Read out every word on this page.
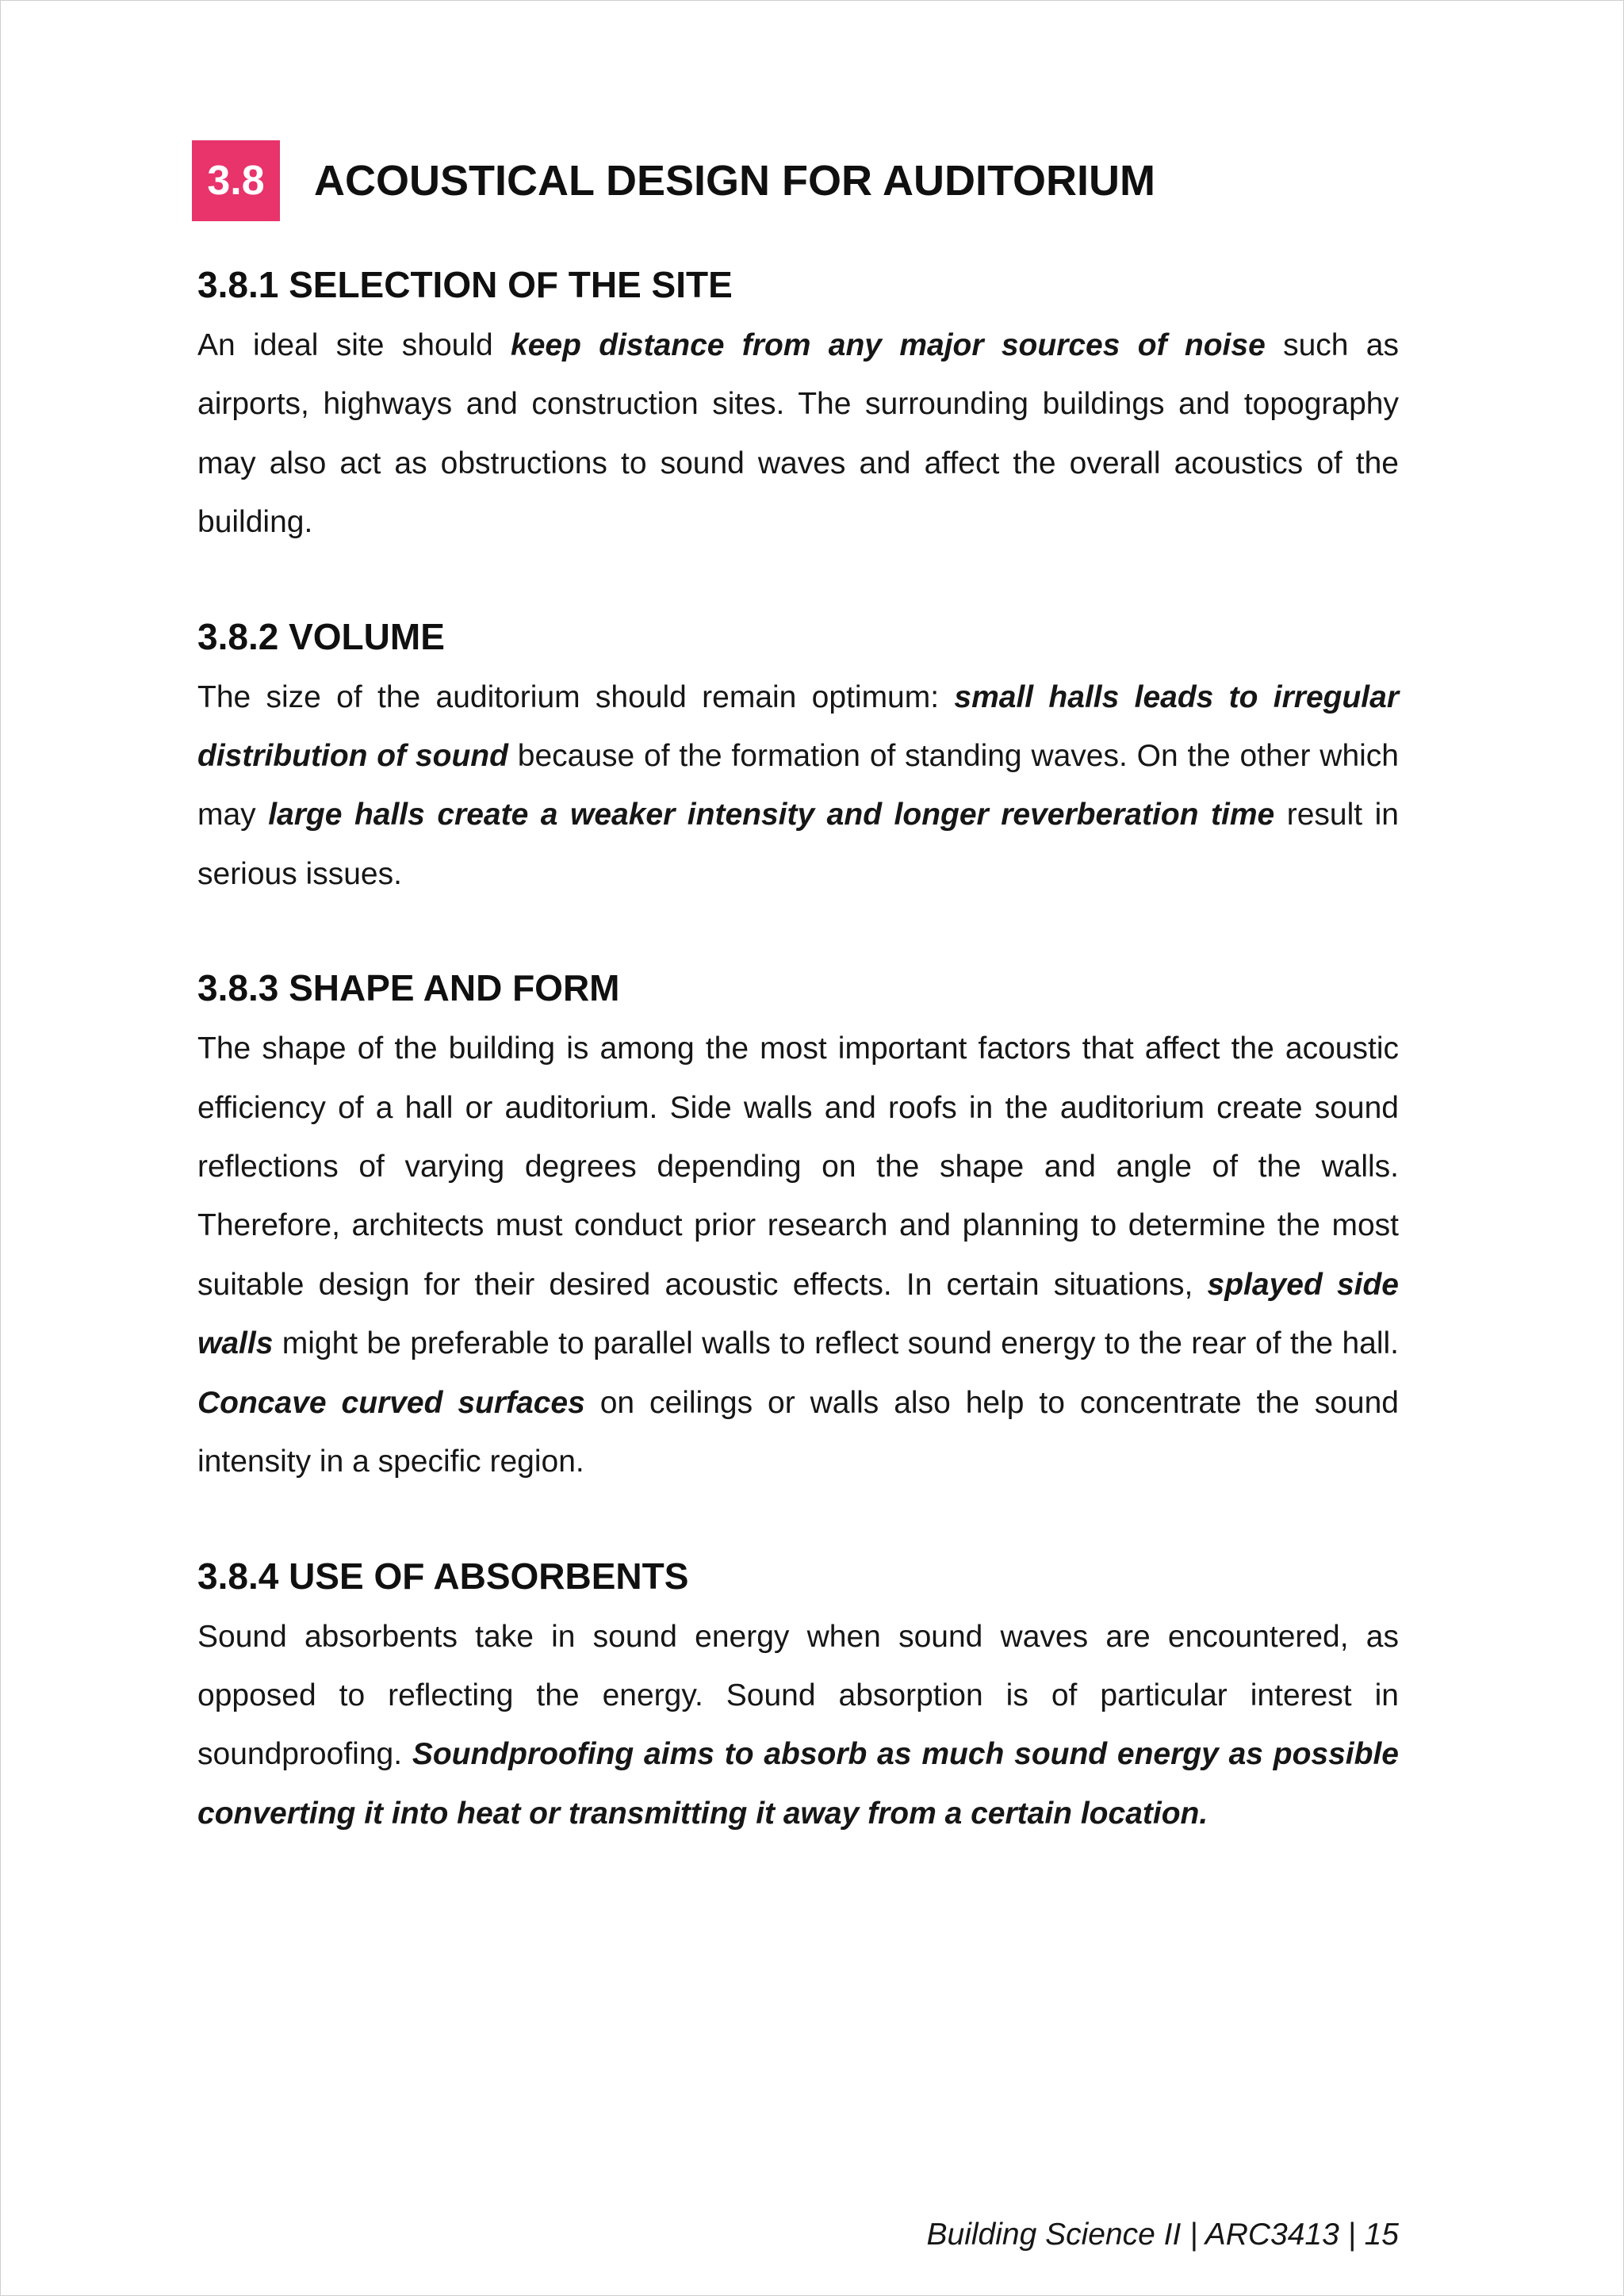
3.8	ACOUSTICAL DESIGN FOR AUDITORIUM
3.8.1 SELECTION OF THE SITE

An ideal site should keep distance from any major sources of noise such as airports, highways and construction sites. The surrounding buildings and topography may also act as obstructions to sound waves and affect the overall acoustics of the building.

3.8.2 VOLUME

The size of the auditorium should remain optimum: small halls leads to irregular distribution of sound because of the formation of standing waves. On the other which may large halls create a weaker intensity and longer reverberation time result in serious issues.

3.8.3 SHAPE AND FORM

The shape of the building is among the most important factors that affect the acoustic efficiency of a hall or auditorium. Side walls and roofs in the auditorium create sound reflections of varying degrees depending on the shape and angle of the walls. Therefore, architects must conduct prior research and planning to determine the most suitable design for their desired acoustic effects. In certain situations, splayed side walls might be preferable to parallel walls to reflect sound energy to the rear of the hall. Concave curved surfaces on ceilings or walls also help to concentrate the sound intensity in a specific region.

3.8.4 USE OF ABSORBENTS

Sound absorbents take in sound energy when sound waves are encountered, as opposed to reflecting the energy. Sound absorption is of particular interest in soundproofing. Soundproofing aims to absorb as much sound energy as possible converting it into heat or transmitting it away from a certain location.

Building Science II | ARC3413 | 15
